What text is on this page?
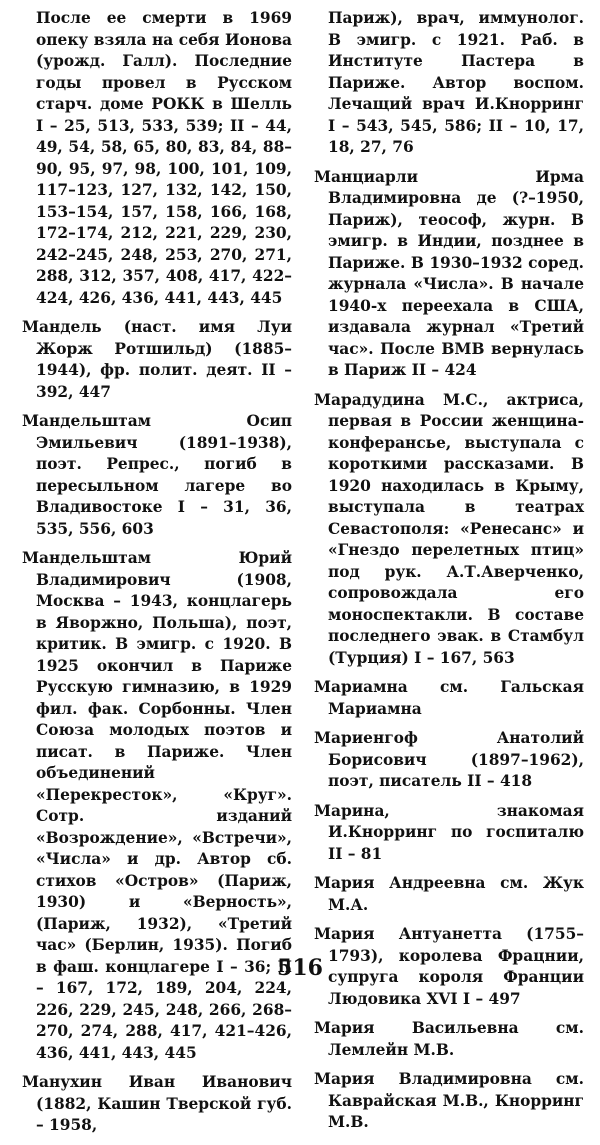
После ее смерти в 1969 опеку взяла на себя Ионова (урожд. Галл). Последние годы провел в Русском старч. доме РОКК в Шелль I – 25, 513, 533, 539; II – 44, 49, 54, 58, 65, 80, 83, 84, 88–90, 95, 97, 98, 100, 101, 109, 117–123, 127, 132, 142, 150, 153–154, 157, 158, 166, 168, 172–174, 212, 221, 229, 230, 242–245, 248, 253, 270, 271, 288, 312, 357, 408, 417, 422–424, 426, 436, 441, 443, 445

Мандель (наст. имя Луи Жорж Ротшильд) (1885–1944), фр. полит. деят. II – 392, 447

Мандельштам Осип Эмильевич (1891–1938), поэт. Репрес., погиб в пересыльном лагере во Владивостоке I – 31, 36, 535, 556, 603

Мандельштам Юрий Владимирович (1908, Москва – 1943, концлагерь в Яворжно, Польша), поэт, критик. В эмигр. с 1920. В 1925 окончил в Париже Русскую гимназию, в 1929 фил. фак. Сорбонны. Член Союза молодых поэтов и писат. в Париже. Член объединений «Перекресток», «Круг». Сотр. изданий «Возрождение», «Встречи», «Числа» и др. Автор сб. стихов «Остров» (Париж, 1930) и «Верность», (Париж, 1932), «Третий час» (Берлин, 1935). Погиб в фаш. концлагере I – 36; II – 167, 172, 189, 204, 224, 226, 229, 245, 248, 266, 268–270, 274, 288, 417, 421–426, 436, 441, 443, 445

Манухин Иван Иванович (1882, Кашин Тверской губ. – 1958,

Париж), врач, иммунолог. В эмигр. с 1921. Раб. в Институте Пастера в Париже. Автор воспом. Лечащий врач И.Кнорринг I – 543, 545, 586; II – 10, 17, 18, 27, 76

Манциарли Ирма Владимировна де (?–1950, Париж), теософ, журн. В эмигр. в Индии, позднее в Париже. В 1930–1932 соред. журнала «Числа». В начале 1940-х переехала в США, издавала журнал «Третий час». После ВМВ вернулась в Париж II – 424

Марадудина М.С., актриса, первая в России женщина-конферансье, выступала с короткими рассказами. В 1920 находилась в Крыму, выступала в театрах Севастополя: «Ренесанс» и «Гнездо перелетных птиц» под рук. А.Т.Аверченко, сопровождала его моноспектакли. В составе последнего эвак. в Стамбул (Турция) I – 167, 563

Мариамна см. Гальская Мариамна

Мариенгоф Анатолий Борисович (1897–1962), поэт, писатель II – 418

Марина, знакомая И.Кнорринг по госпиталю II – 81

Мария Андреевна см. Жук М.А.

Мария Антуанетта (1755–1793), королева Фрацнии, супруга короля Франции Людовика XVI I – 497

Мария Васильевна см. Лемлейн М.В.

Мария Владимировна см. Каврайская М.В., Кнорринг М.В.

516
